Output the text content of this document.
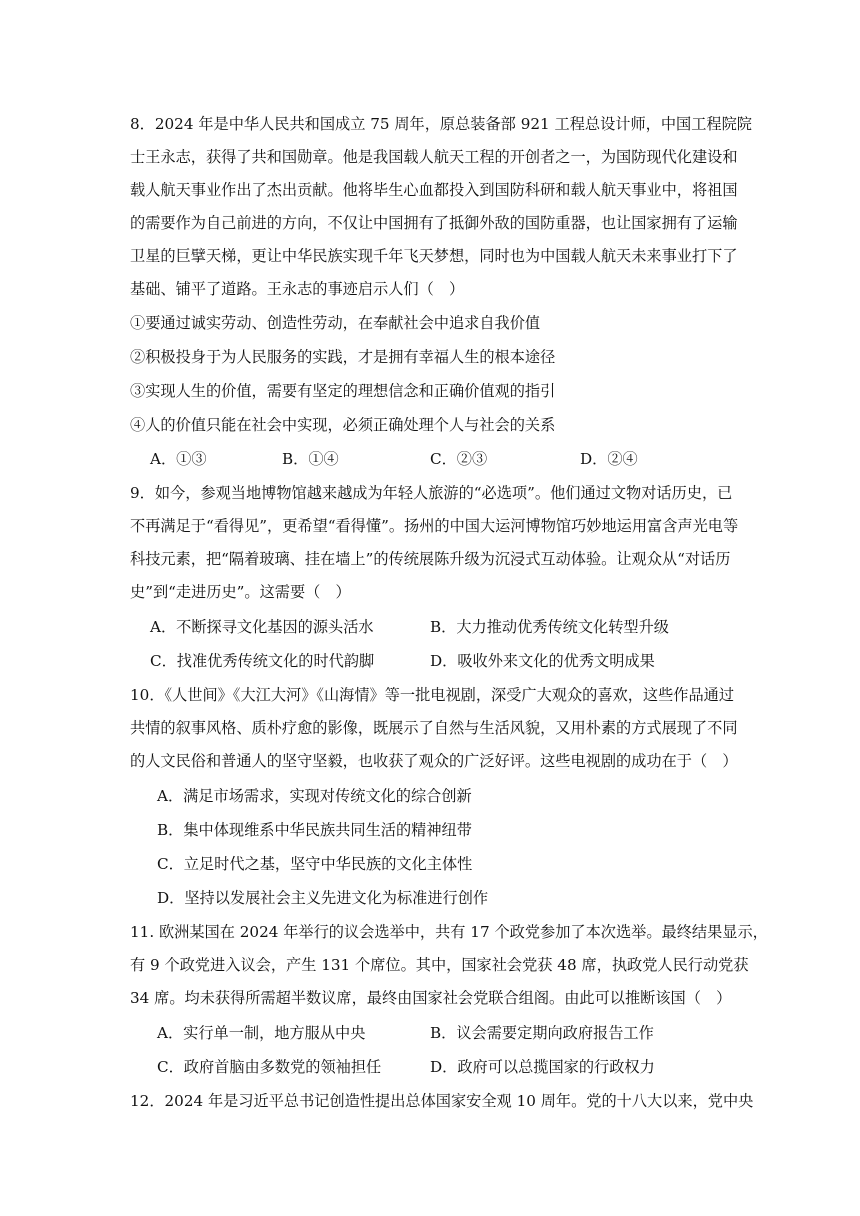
8．2024 年是中华人民共和国成立 75 周年，原总装备部 921 工程总设计师，中国工程院院
士王永志，获得了共和国勋章。他是我国载人航天工程的开创者之一，为国防现代化建设和
载人航天事业作出了杰出贡献。他将毕生心血都投入到国防科研和载人航天事业中，将祖国
的需要作为自己前进的方向，不仅让中国拥有了抵御外敌的国防重器，也让国家拥有了运输
卫星的巨擘天梯，更让中华民族实现千年飞天梦想，同时也为中国载人航天未来事业打下了
基础、铺平了道路。王永志的事迹启示人们（　）
①要通过诚实劳动、创造性劳动，在奉献社会中追求自我价值
②积极投身于为人民服务的实践，才是拥有幸福人生的根本途径
③实现人生的价值，需要有坚定的理想信念和正确价值观的指引
④人的价值只能在社会中实现，必须正确处理个人与社会的关系
A．①③	B．①④	C．②③	D．②④
9．如今，参观当地博物馆越来越成为年轻人旅游的“必选项”。他们通过文物对话历史，已
不再满足于“看得见”，更希望“看得懂”。扬州的中国大运河博物馆巧妙地运用富含声光电等
科技元素，把“隔着玻璃、挂在墙上”的传统展陈升级为沉浸式互动体验。让观众从“对话历
史”到“走进历史”。这需要（　）
A．不断探寻文化基因的源头活水	B．大力推动优秀传统文化转型升级
C．找准优秀传统文化的时代韵脚	D．吸收外来文化的优秀文明成果
10．《人世间》《大江大河》《山海情》等一批电视剧，深受广大观众的喜欢，这些作品通过
共情的叙事风格、质朴疗愈的影像，既展示了自然与生活风貌，又用朴素的方式展现了不同
的人文民俗和普通人的坚守坚毅，也收获了观众的广泛好评。这些电视剧的成功在于（　）
A．满足市场需求，实现对传统文化的综合创新
B．集中体现维系中华民族共同生活的精神纽带
C．立足时代之基，坚守中华民族的文化主体性
D．坚持以发展社会主义先进文化为标准进行创作
11. 欧洲某国在 2024 年举行的议会选举中，共有 17 个政党参加了本次选举。最终结果显示，
有 9 个政党进入议会，产生 131 个席位。其中，国家社会党获 48 席，执政党人民行动党获
34 席。均未获得所需超半数议席，最终由国家社会党联合组阁。由此可以推断该国（　）
A．实行单一制，地方服从中央	B．议会需要定期向政府报告工作
C．政府首脑由多数党的领袖担任	D．政府可以总揽国家的行政权力
12．2024 年是习近平总书记创造性提出总体国家安全观 10 周年。党的十八大以来，党中央
